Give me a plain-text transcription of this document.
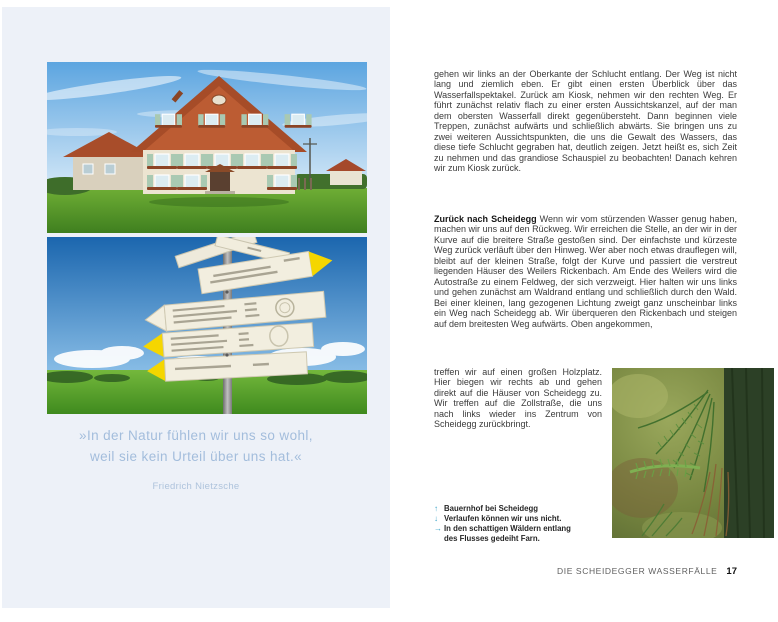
»In der Natur fühlen wir uns so wohl,
weil sie kein Urteil über uns hat.«
Friedrich Nietzsche

gehen wir links an der Oberkante der Schlucht entlang. Der Weg ist nicht lang und ziemlich eben. Er gibt einen ersten Überblick über das Wasserfallspektakel. Zurück am Kiosk, nehmen wir den rechten Weg. Er führt zunächst relativ flach zu einer ersten Aussichtskanzel, auf der man dem obersten Wasserfall direkt gegenübersteht. Dann beginnen viele Treppen, zunächst aufwärts und schließlich abwärts. Sie bringen uns zu zwei weiteren Aussichtspunkten, die uns die Gewalt des Wassers, das diese tiefe Schlucht gegraben hat, deutlich zeigen. Jetzt heißt es, sich Zeit zu nehmen und das grandiose Schauspiel zu beobachten! Danach kehren wir zum Kiosk zurück.

Zurück nach Scheidegg Wenn wir vom stürzenden Wasser genug haben, machen wir uns auf den Rückweg. Wir erreichen die Stelle, an der wir in der Kurve auf die breitere Straße gestoßen sind. Der einfachste und kürzeste Weg zurück verläuft über den Hinweg. Wer aber noch etwas drauflegen will, bleibt auf der kleinen Straße, folgt der Kurve und passiert die verstreut liegenden Häuser des Weilers Rickenbach. Am Ende des Weilers wird die Autostraße zu einem Feldweg, der sich verzweigt. Hier halten wir uns links und gehen zunächst am Waldrand entlang und schließlich durch den Wald. Bei einer kleinen, lang gezogenen Lichtung zweigt ganz unscheinbar links ein Weg nach Scheidegg ab. Wir überqueren den Rickenbach und steigen auf dem breitesten Weg aufwärts. Oben angekommen,

treffen wir auf einen großen Holzplatz. Hier biegen wir rechts ab und gehen direkt auf die Häuser von Scheidegg zu. Wir treffen auf die Zollstraße, die uns nach links wieder ins Zentrum von Scheidegg zurückbringt.

↑ Bauernhof bei Scheidegg
↓ Verlaufen können wir uns nicht.
→ In den schattigen Wäldern entlang des Flusses gedeiht Farn.
DIE SCHEIDEGGER WASSERFÄLLE 17
